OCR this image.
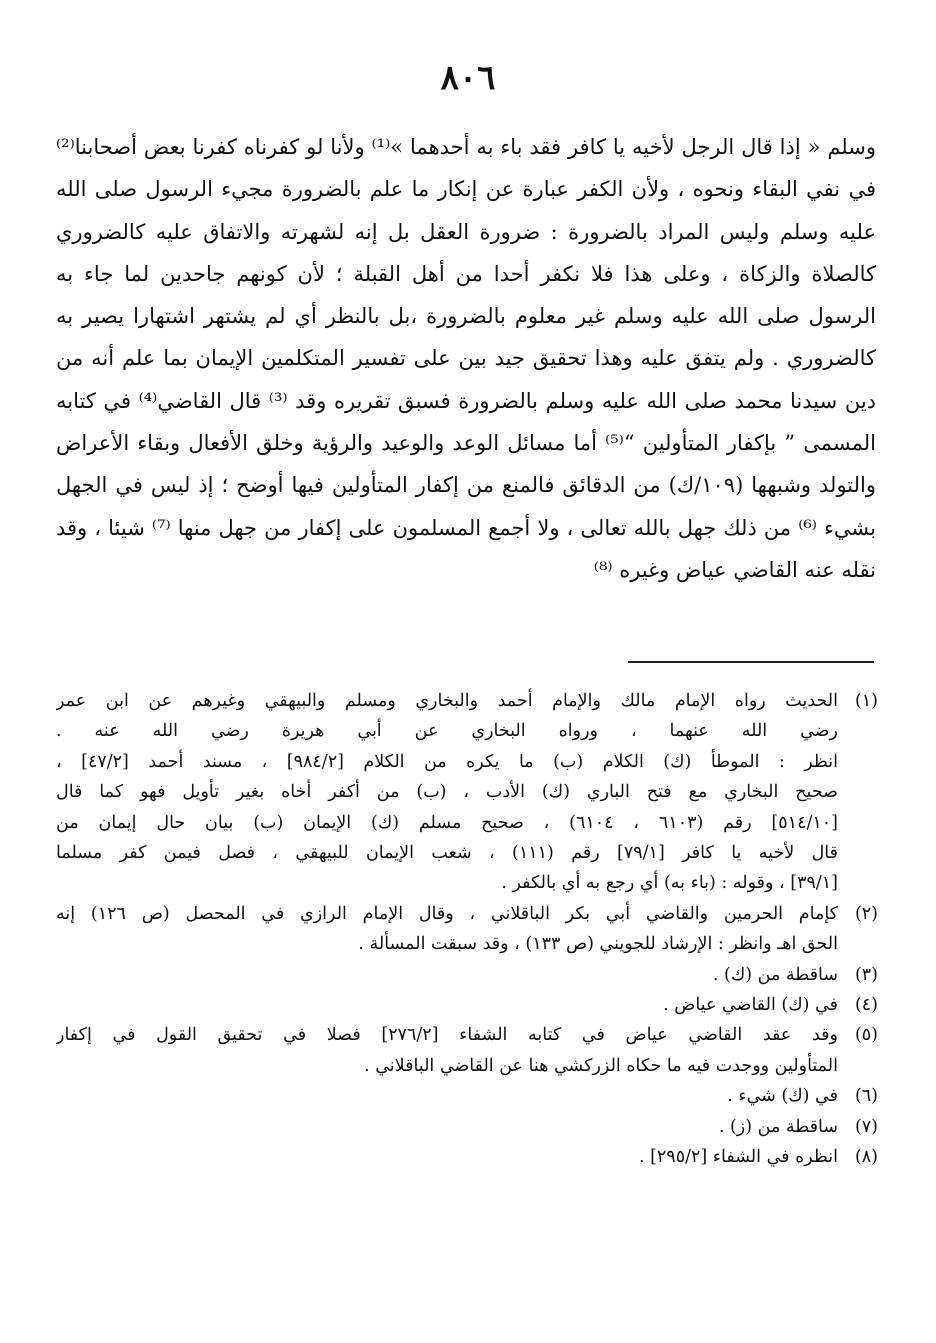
٨٠٦

وسلم « إذا قال الرجل لأخيه يا كافر فقد باء به أحدهما »⁽¹⁾ ولأنا لو كفرناه كفرنا بعض أصحابنا⁽²⁾ في نفي البقاء ونحوه ، ولأن الكفر عبارة عن إنكار ما علم بالضرورة مجيء الرسول صلى الله عليه وسلم وليس المراد بالضرورة : ضرورة العقل بل إنه لشهرته والاتفاق عليه كالضروري كالصلاة والزكاة ، وعلى هذا فلا نكفر أحدا من أهل القبلة ؛ لأن كونهم جاحدين لما جاء به الرسول صلى الله عليه وسلم غير معلوم بالضرورة ،بل بالنظر أي لم يشتهر اشتهارا يصير به كالضروري . ولم يتفق عليه وهذا تحقيق جيد بين على تفسير المتكلمين الإيمان بما علم أنه من دين سيدنا محمد صلى الله عليه وسلم بالضرورة فسبق تقريره وقد ⁽³⁾ قال القاضي⁽⁴⁾ في كتابه المسمى ” بإكفار المتأولين “⁽⁵⁾ أما مسائل الوعد والوعيد والرؤية وخلق الأفعال وبقاء الأعراض والتولد وشبهها (١٠٩/ك) من الدقائق فالمنع من إكفار المتأولين فيها أوضح ؛ إذ ليس في الجهل بشيء ⁽⁶⁾ من ذلك جهل بالله تعالى ، ولا أجمع المسلمون على إكفار من جهل منها ⁽⁷⁾ شيئا ، وقد نقله عنه القاضي عياض وغيره ⁽⁸⁾

(١)
الحديث رواه الإمام مالك والإمام أحمد والبخاري ومسلم والبيهقي وغيرهم عن ابن عمر
رضي الله عنهما ، ورواه البخاري عن أبي هريرة رضي الله عنه .
انظر : الموطأ (ك) الكلام (ب) ما يكره من الكلام [٩٨٤/٢] ، مسند أحمد [٤٧/٢] ،
صحيح البخاري مع فتح الباري (ك) الأدب ، (ب) من أكفر أخاه بغير تأويل فهو كما قال
[٥١٤/١٠] رقم (٦١٠٣ ، ٦١٠٤) ، صحيح مسلم (ك) الإيمان (ب) بيان حال إيمان من
قال لأخيه يا كافر [٧٩/١] رقم (١١١) ، شعب الإيمان للبيهقي ، فصل فيمن كفر مسلما
[٣٩/١] ، وقوله : (باء به) أي رجع به أي بالكفر .
(٢)
كإمام الحرمين والقاضي أبي بكر الباقلاني ، وقال الإمام الرازي في المحصل (ص ١٢٦) إنه
الحق اهـ وانظر : الإرشاد للجويني (ص ١٣٣) ، وقد سبقت المسألة .
(٣)
ساقطة من (ك) .
(٤)
في (ك) القاضي عياض .
(٥)
وقد عقد القاضي عياض في كتابه الشفاء [٢٧٦/٢] فصلا في تحقيق القول في إكفار
المتأولين ووجدت فيه ما حكاه الزركشي هنا عن القاضي الباقلاني .
(٦)
في (ك) شيء .
(٧)
ساقطة من (ز) .
(٨)
انظره في الشفاء [٢٩٥/٢] .
